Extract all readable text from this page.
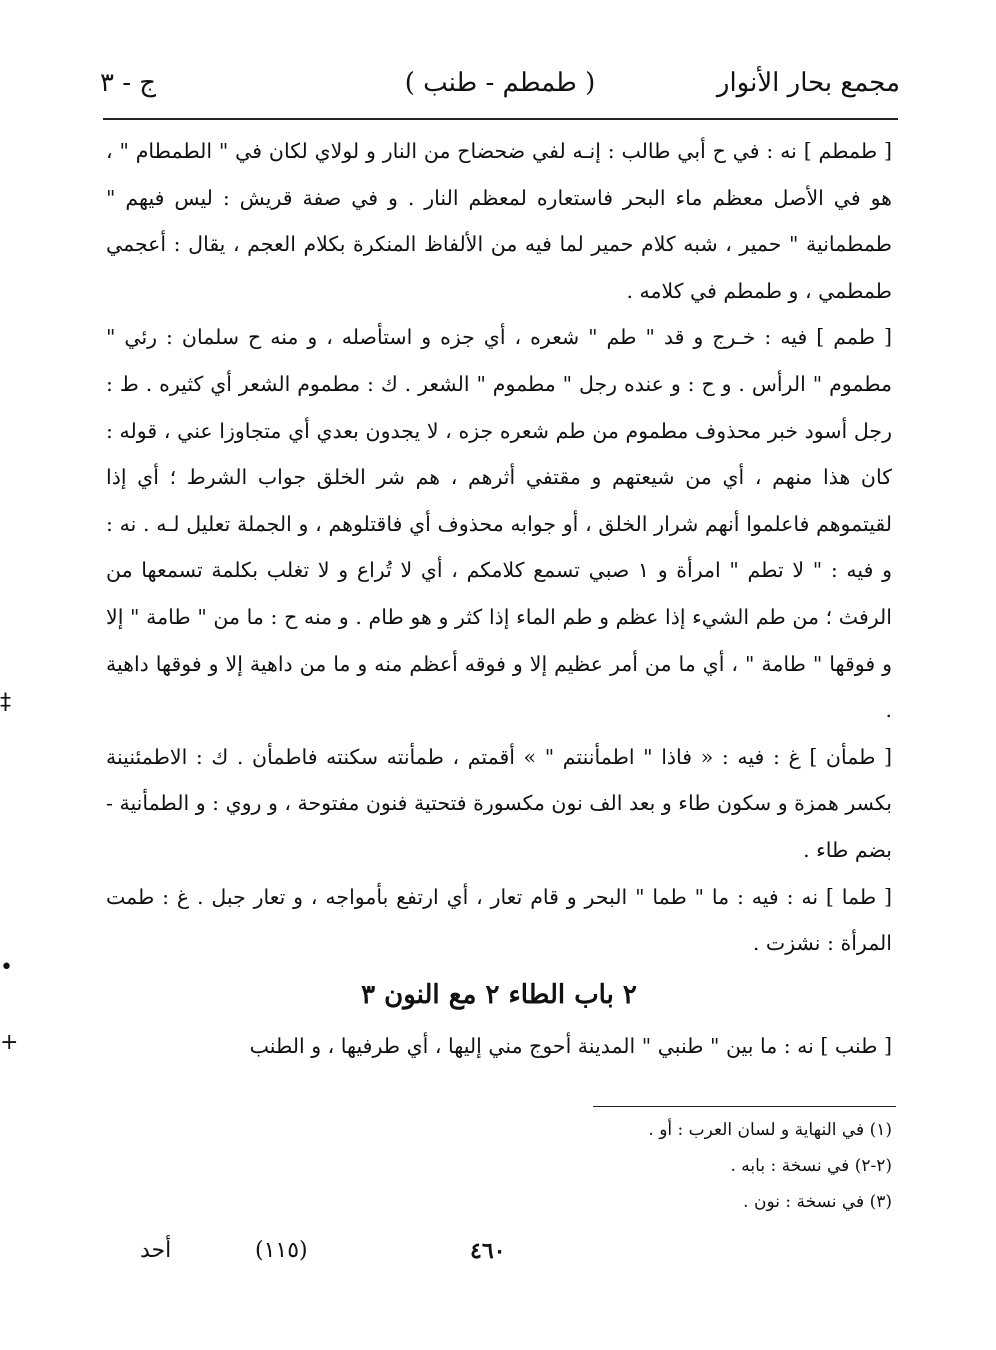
مجمع بحار الأنوار
( طمطم - طنب )
ج - ٣

[ طمطم ] نه : في ح أبي طالب : إنـه لفي ضحضاح من النار و لولاي لكان في " الطمطام " ، هو في الأصل معظم ماء البحر فاستعاره لمعظم النار . و في صفة قريش : ليس فيهم " طمطمانية " حمير ، شبه كلام حمير لما فيه من الألفاظ المنكرة بكلام العجم ، يقال : أعجمي طمطمي ، و طمطم في كلامه .

[ طمم ] فيه : خـرج و قد " طم " شعره ، أي جزه و استأصله ، و منه ح سلمان : رئي " مطموم " الرأس . و ح : و عنده رجل " مطموم " الشعر . ك : مطموم الشعر أي كثيره . ط : رجل أسود خبر محذوف مطموم من طم شعره جزه ، لا يجدون بعدي أي متجاوزا عني ، قوله : كان هذا منهم ، أي من شيعتهم و مقتفي أثرهم ، هم شر الخلق جواب الشرط ؛ أي إذا لقيتموهم فاعلموا أنهم شرار الخلق ، أو جوابه محذوف أي فاقتلوهم ، و الجملة تعليل لـه . نه : و فيه : " لا تطم " امرأة و ١ صبي تسمع كلامكم ، أي لا تُراع و لا تغلب بكلمة تسمعها من الرفث ؛ من طم الشيء إذا عظم و طم الماء إذا كثر و هو طام . و منه ح : ما من " طامة " إلا و فوقها " طامة " ، أي ما من أمر عظيم إلا و فوقه أعظم منه و ما من داهية إلا و فوقها داهية .

[ طمأن ] غ : فيه : « فاذا " اطمأننتم " » أقمتم ، طمأنته سكنته فاطمأن . ك : الاطمئنينة بكسر همزة و سكون طاء و بعد الف نون مكسورة فتحتية فنون مفتوحة ، و روي : و الطمأنية - بضم طاء .

[ طما ] نه : فيه : ما " طما " البحر و قام تعار ، أي ارتفع بأمواجه ، و تعار جبل . غ : طمت المرأة : نشزت .

٢ باب الطاء ٢ مع النون ٣

[ طنب ] نه : ما بين " طنبي " المدينة أحوج مني إليها ، أي طرفيها ، و الطنب

(١) في النهاية و لسان العرب : أو .

(٢-٢) في نسخة : بابه .

(٣) في نسخة : نون .

٤٦٠
(١١٥)
أحد
‡
•
+
